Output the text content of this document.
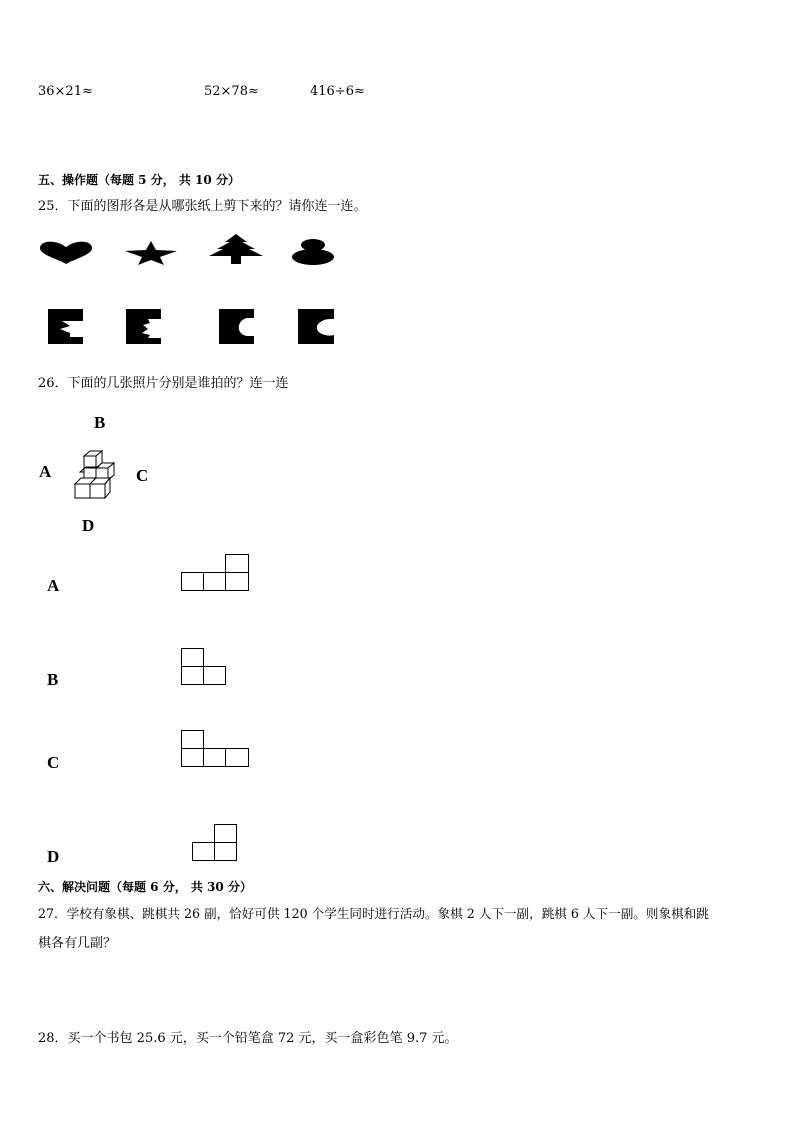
36×21≈	52×78≈	416÷6≈
五、操作题（每题 5 分， 共 10 分）
25．下面的图形各是从哪张纸上剪下来的？请你连一连。
26．下面的几张照片分别是谁拍的？连一连
B
A	C
D
A
B
C
D
六、解决问题（每题 6 分， 共 30 分）
27．学校有象棋、跳棋共 26 副，恰好可供 120 个学生同时进行活动。象棋 2 人下一副，跳棋 6 人下一副。则象棋和跳
棋各有几副？
28．买一个书包 25.6 元，买一个铅笔盒 72 元，买一盒彩色笔 9.7 元。
